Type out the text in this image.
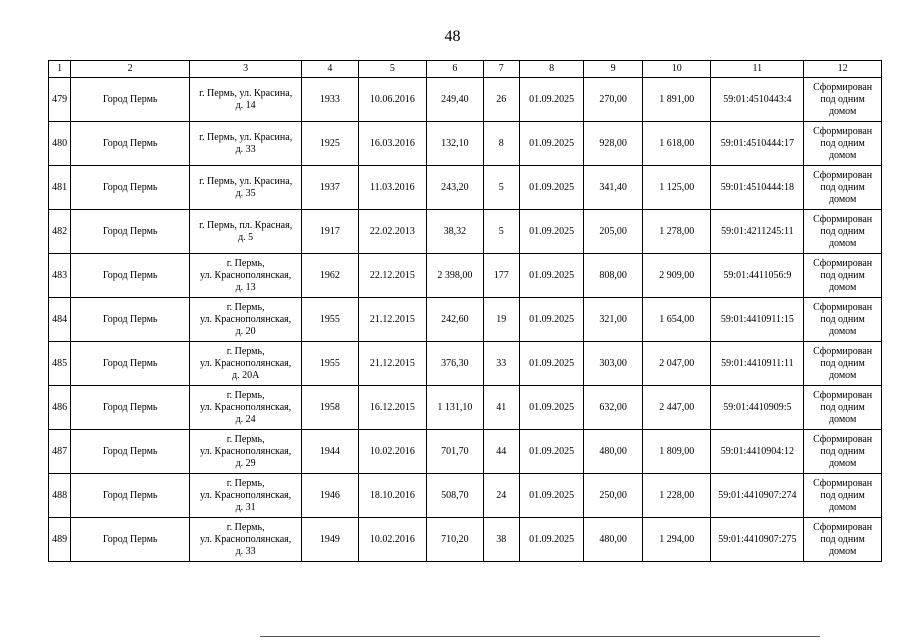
48
1	2	3	4	5	6	7	8	9	10	11	12
479	Город Пермь	г. Пермь, ул. Красина,
д. 14	1933	10.06.2016	249,40	26	01.09.2025	270,00	1 891,00	59:01:4510443:4	Сформирован
под одним
домом
480	Город Пермь	г. Пермь, ул. Красина,
д. 33	1925	16.03.2016	132,10	8	01.09.2025	928,00	1 618,00	59:01:4510444:17	Сформирован
под одним
домом
481	Город Пермь	г. Пермь, ул. Красина,
д. 35	1937	11.03.2016	243,20	5	01.09.2025	341,40	1 125,00	59:01:4510444:18	Сформирован
под одним
домом
482	Город Пермь	г. Пермь, пл. Красная,
д. 5	1917	22.02.2013	38,32	5	01.09.2025	205,00	1 278,00	59:01:4211245:11	Сформирован
под одним
домом
483	Город Пермь	г. Пермь,
ул. Краснополянская,
д. 13	1962	22.12.2015	2 398,00	177	01.09.2025	808,00	2 909,00	59:01:4411056:9	Сформирован
под одним
домом
484	Город Пермь	г. Пермь,
ул. Краснополянская,
д. 20	1955	21.12.2015	242,60	19	01.09.2025	321,00	1 654,00	59:01:4410911:15	Сформирован
под одним
домом
485	Город Пермь	г. Пермь,
ул. Краснополянская,
д. 20А	1955	21.12.2015	376,30	33	01.09.2025	303,00	2 047,00	59:01:4410911:11	Сформирован
под одним
домом
486	Город Пермь	г. Пермь,
ул. Краснополянская,
д. 24	1958	16.12.2015	1 131,10	41	01.09.2025	632,00	2 447,00	59:01:4410909:5	Сформирован
под одним
домом
487	Город Пермь	г. Пермь,
ул. Краснополянская,
д. 29	1944	10.02.2016	701,70	44	01.09.2025	480,00	1 809,00	59:01:4410904:12	Сформирован
под одним
домом
488	Город Пермь	г. Пермь,
ул. Краснополянская,
д. 31	1946	18.10.2016	508,70	24	01.09.2025	250,00	1 228,00	59:01:4410907:274	Сформирован
под одним
домом
489	Город Пермь	г. Пермь,
ул. Краснополянская,
д. 33	1949	10.02.2016	710,20	38	01.09.2025	480,00	1 294,00	59:01:4410907:275	Сформирован
под одним
домом
